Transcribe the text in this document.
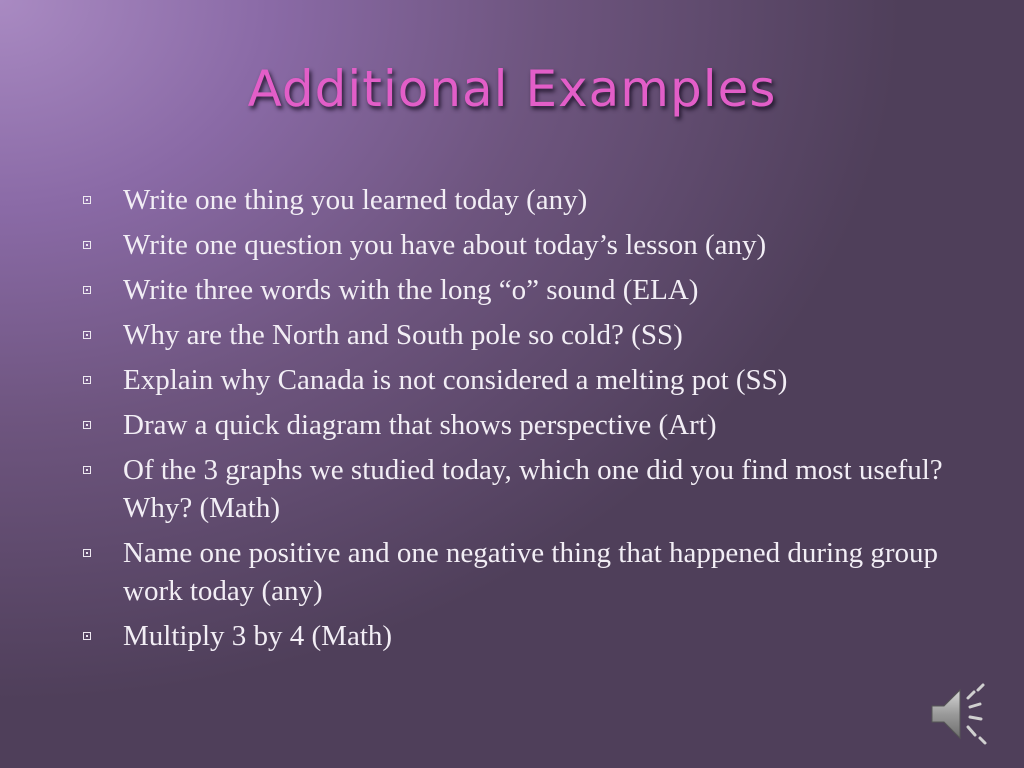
Additional Examples
Write one thing you learned today (any)
Write one question you have about today’s lesson (any)
Write three words with the long “o” sound (ELA)
Why are the North and South pole so cold? (SS)
Explain why Canada is not considered a melting pot (SS)
Draw a quick diagram that shows perspective (Art)
Of the 3 graphs we studied today, which one did you find most useful? Why? (Math)
Name one positive and one negative thing that happened during group work today (any)
Multiply 3 by 4 (Math)
